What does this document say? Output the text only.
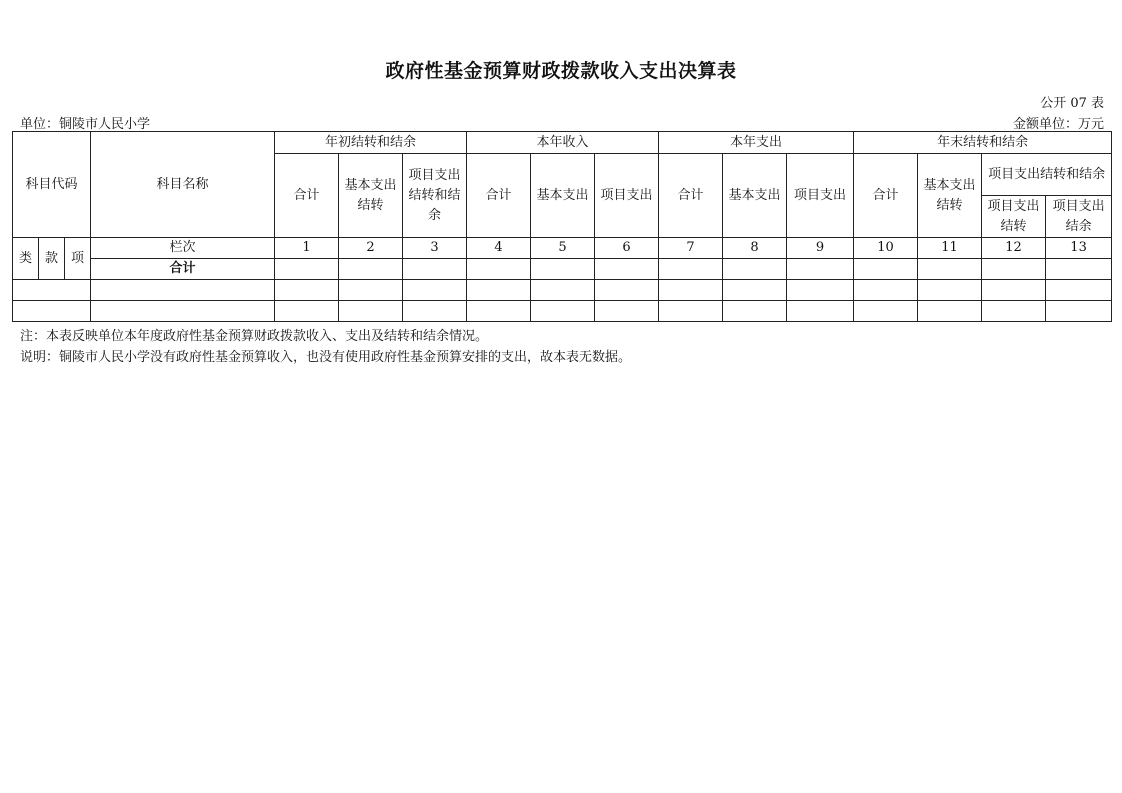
政府性基金预算财政拨款收入支出决算表
公开 07 表
单位：铜陵市人民小学	金额单位：万元
科目代码			科目名称	年初结转和结余			本年收入			本年支出			年末结转和结余			
				合计	基本支出结转	项目支出结转和结余	合计	基本支出	项目支出	合计	基本支出	项目支出	合计	基本支出结转	项目支出结转和结余	
															项目支出结转	项目支出结余
类	款	项	栏次	1	2	3	4	5	6	7	8	9	10	11	12	13
			合计													

注：本表反映单位本年度政府性基金预算财政拨款收入、支出及结转和结余情况。
说明：铜陵市人民小学没有政府性基金预算收入，也没有使用政府性基金预算安排的支出，故本表无数据。
